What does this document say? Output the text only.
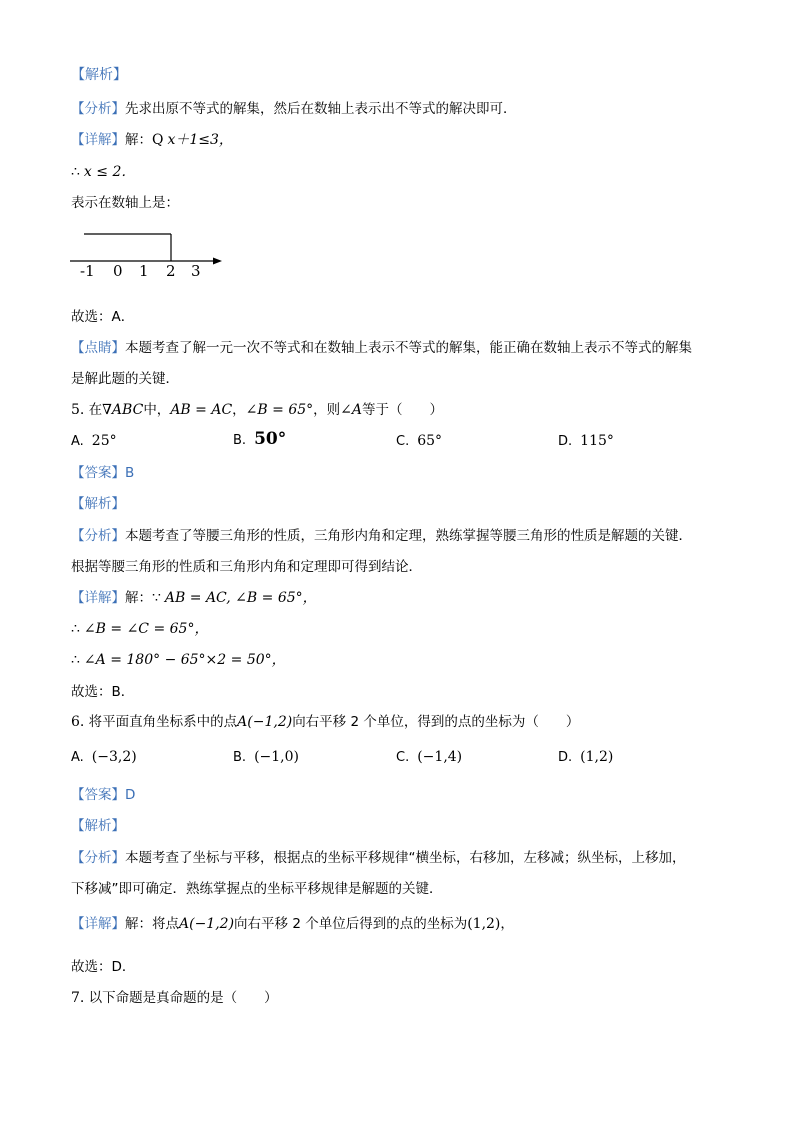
【解析】
【分析】先求出原不等式的解集，然后在数轴上表示出不等式的解决即可．
【详解】解：Q x＋1≤3，
∴ x ≤ 2．
表示在数轴上是：
-1 0 1 2 3
故选：A．
【点睛】本题考查了解一元一次不等式和在数轴上表示不等式的解集，能正确在数轴上表示不等式的解集
是解此题的关键．
5. 在∇ABC中，AB = AC，∠B = 65°，则∠A等于（　　）
A. 25°	B. 50°	C. 65°	D. 115°
【答案】B
【解析】
【分析】本题考查了等腰三角形的性质，三角形内角和定理，熟练掌握等腰三角形的性质是解题的关键．
根据等腰三角形的性质和三角形内角和定理即可得到结论．
【详解】解：∵ AB = AC, ∠B = 65°，
∴ ∠B = ∠C = 65°，
∴ ∠A = 180° − 65°×2 = 50°，
故选：B．
6. 将平面直角坐标系中的点A(−1,2)向右平移 2 个单位，得到的点的坐标为（　　）
A. (−3,2)	B. (−1,0)	C. (−1,4)	D. (1,2)
【答案】D
【解析】
【分析】本题考查了坐标与平移，根据点的坐标平移规律“横坐标，右移加，左移减；纵坐标，上移加，
下移减”即可确定．熟练掌握点的坐标平移规律是解题的关键．
【详解】解：将点A(−1,2)向右平移 2 个单位后得到的点的坐标为(1,2)，
故选：D．
7. 以下命题是真命题的是（　　）
